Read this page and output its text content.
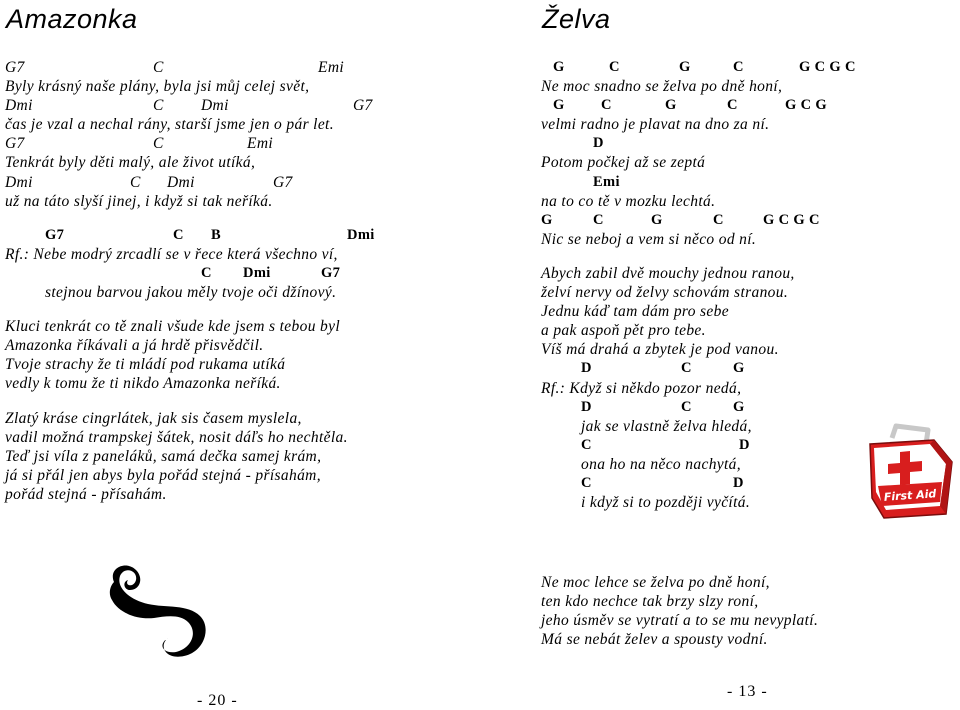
Amazonka

G7

	C

	Emi

Byly krásný naše plány, byla jsi můj celej svět,

Dmi

	C

Dmi

	G7

čas je vzal a nechal rány, starší jsme jen o pár let.

G7

	C

	Emi

Tenkrát byly děti malý, ale život utíká,

Dmi

	C

Dmi

	G7

už na táto slyší jinej, i když si tak neříká.

G7

	C

B

	Dmi

Rf.: Nebe modrý zrcadlí se v řece která všechno ví,

C

Dmi

	G7

stejnou barvou jakou měly tvoje oči džínový.
Kluci tenkrát co tě znali všude kde jsem s tebou byl
Amazonka říkávali a já hrdě přisvědčil.
Tvoje strachy že ti mládí pod rukama utíká
vedly k tomu že ti nikdo Amazonka neříká.
Zlatý kráse cingrlátek, jak sis časem myslela,
vadil možná trampskej šátek, nosit dáľs ho nechtěla.
Teď jsi víla z paneláků, samá dečka samej krám,
já si přál jen abys byla pořád stejná - přísahám,
pořád stejná - přísahám.
- 20 -
Želva

G

	C

	G

	C

	G C G C

Ne moc snadno se želva po dně honí,

G

	C

	G

	C

	G C G

velmi radno je plavat na dno za ní.

D

Potom počkej až se zeptá

Emi

na to co tě v mozku lechtá.

G

	C

	G

	C

	G C G C

Nic se neboj a vem si něco od ní.
Abych zabil dvě mouchy jednou ranou,
želví nervy od želvy schovám stranou.
Jednu káď tam dám pro sebe
a pak aspoň pět pro tebe.
Víš má drahá a zbytek je pod vanou.

D

	C

	G

Rf.: Když si někdo pozor nedá,

D

	C

	G

jak se vlastně želva hledá,

C

	D

ona ho na něco nachytá,

C

	D

i když si to později vyčítá.
Ne moc lehce se želva po dně honí,
ten kdo nechce tak brzy slzy roní,
jeho úsměv se vytratí a to se mu nevyplatí.
Má se nebát želev a spousty vodní.
First Aid
- 13 -
